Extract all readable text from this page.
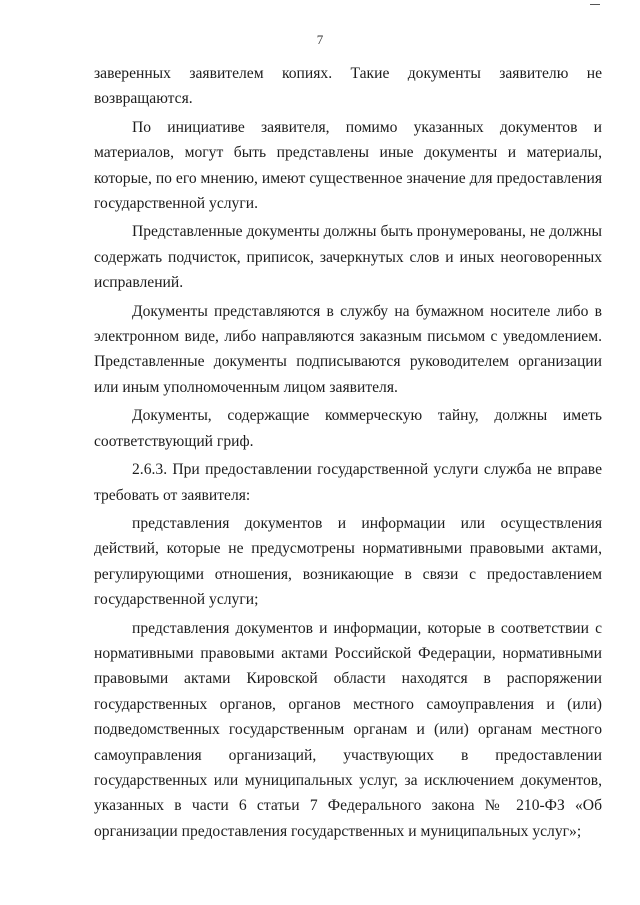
7

заверенных заявителем копиях. Такие документы заявителю не возвращаются.

По инициативе заявителя, помимо указанных документов и материалов, могут быть представлены иные документы и материалы, которые, по его мнению, имеют существенное значение для предоставления государственной услуги.

Представленные документы должны быть пронумерованы, не должны содержать подчисток, приписок, зачеркнутых слов и иных неоговоренных исправлений.

Документы представляются в службу на бумажном носителе либо в электронном виде, либо направляются заказным письмом с уведомлением. Представленные документы подписываются руководителем организации или иным уполномоченным лицом заявителя.

Документы, содержащие коммерческую тайну, должны иметь соответствующий гриф.

2.6.3. При предоставлении государственной услуги служба не вправе требовать от заявителя:

представления документов и информации или осуществления действий, которые не предусмотрены нормативными правовыми актами, регулирующими отношения, возникающие в связи с предоставлением государственной услуги;

представления документов и информации, которые в соответствии с нормативными правовыми актами Российской Федерации, нормативными правовыми актами Кировской области находятся в распоряжении государственных органов, органов местного самоуправления и (или) подведомственных государственным органам и (или) органам местного самоуправления организаций, участвующих в предоставлении государственных или муниципальных услуг, за исключением документов, указанных в части 6 статьи 7 Федерального закона № 210-ФЗ «Об организации предоставления государственных и муниципальных услуг»;
